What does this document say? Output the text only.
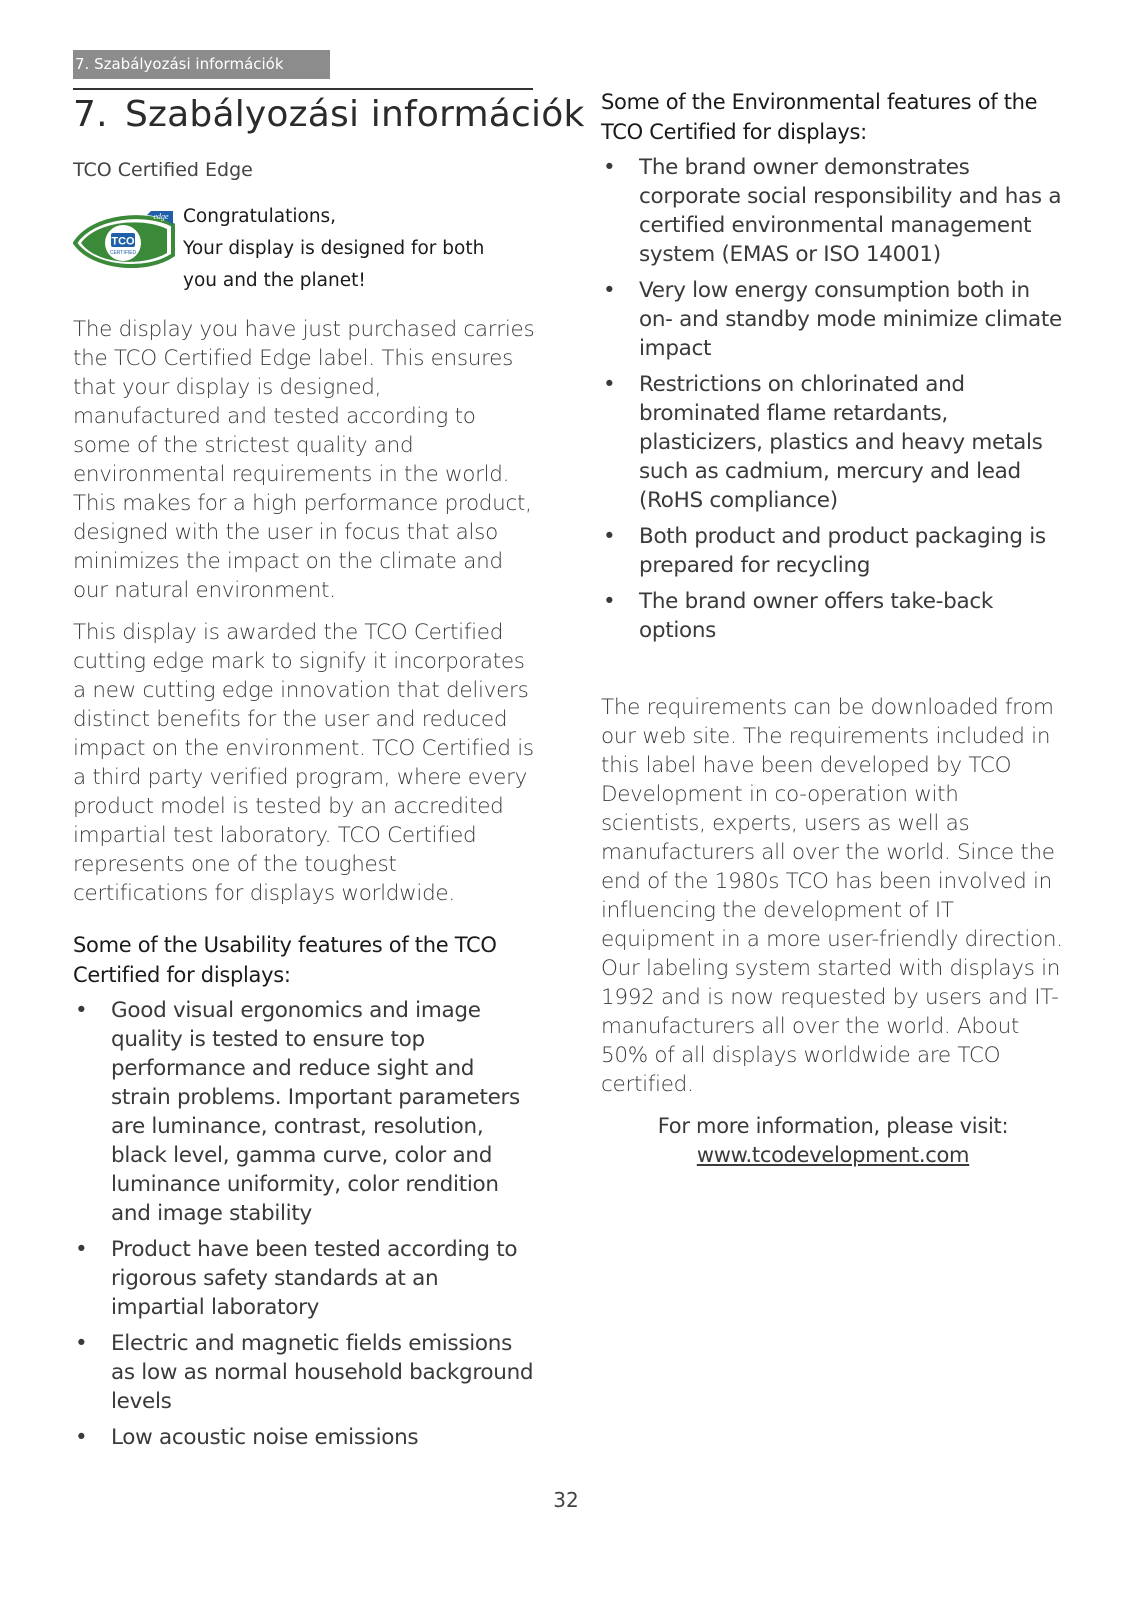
7. Szabályozási információk
7. Szabályozási információk
TCO Certified Edge
TCO
CERTIFIED
edge Congratulations,
Your display is designed for both
you and the planet!

The display you have just purchased carries the TCO Certified Edge label. This ensures that your display is designed, manufactured and tested according to some of the strictest quality and environmental requirements in the world. This makes for a high performance product, designed with the user in focus that also minimizes the impact on the climate and our natural environment.

This display is awarded the TCO Certified cutting edge mark to signify it incorporates a new cutting edge innovation that delivers distinct benefits for the user and reduced impact on the environment. TCO Certified is a third party verified program, where every product model is tested by an accredited impartial test laboratory. TCO Certified represents one of the toughest certifications for displays worldwide.

Some of the Usability features of the TCO Certified for displays:
• Good visual ergonomics and image quality is tested to ensure top performance and reduce sight and strain problems. Important parameters are luminance, contrast, resolution, black level, gamma curve, color and luminance uniformity, color rendition and image stability
• Product have been tested according to rigorous safety standards at an impartial laboratory
• Electric and magnetic fields emissions as low as normal household background levels
• Low acoustic noise emissions
Some of the Environmental features of the TCO Certified for displays:
• The brand owner demonstrates corporate social responsibility and has a certified environmental management system (EMAS or ISO 14001)
• Very low energy consumption both in on- and standby mode minimize climate impact
• Restrictions on chlorinated and brominated flame retardants, plasticizers, plastics and heavy metals such as cadmium, mercury and lead (RoHS compliance)
• Both product and product packaging is prepared for recycling
• The brand owner offers take-back options

The requirements can be downloaded from our web site. The requirements included in this label have been developed by TCO Development in co-operation with scientists, experts, users as well as manufacturers all over the world. Since the end of the 1980s TCO has been involved in influencing the development of IT equipment in a more user-friendly direction. Our labeling system started with displays in 1992 and is now requested by users and IT-manufacturers all over the world. About 50% of all displays worldwide are TCO certified.

For more information, please visit:
www.tcodevelopment.com
32
